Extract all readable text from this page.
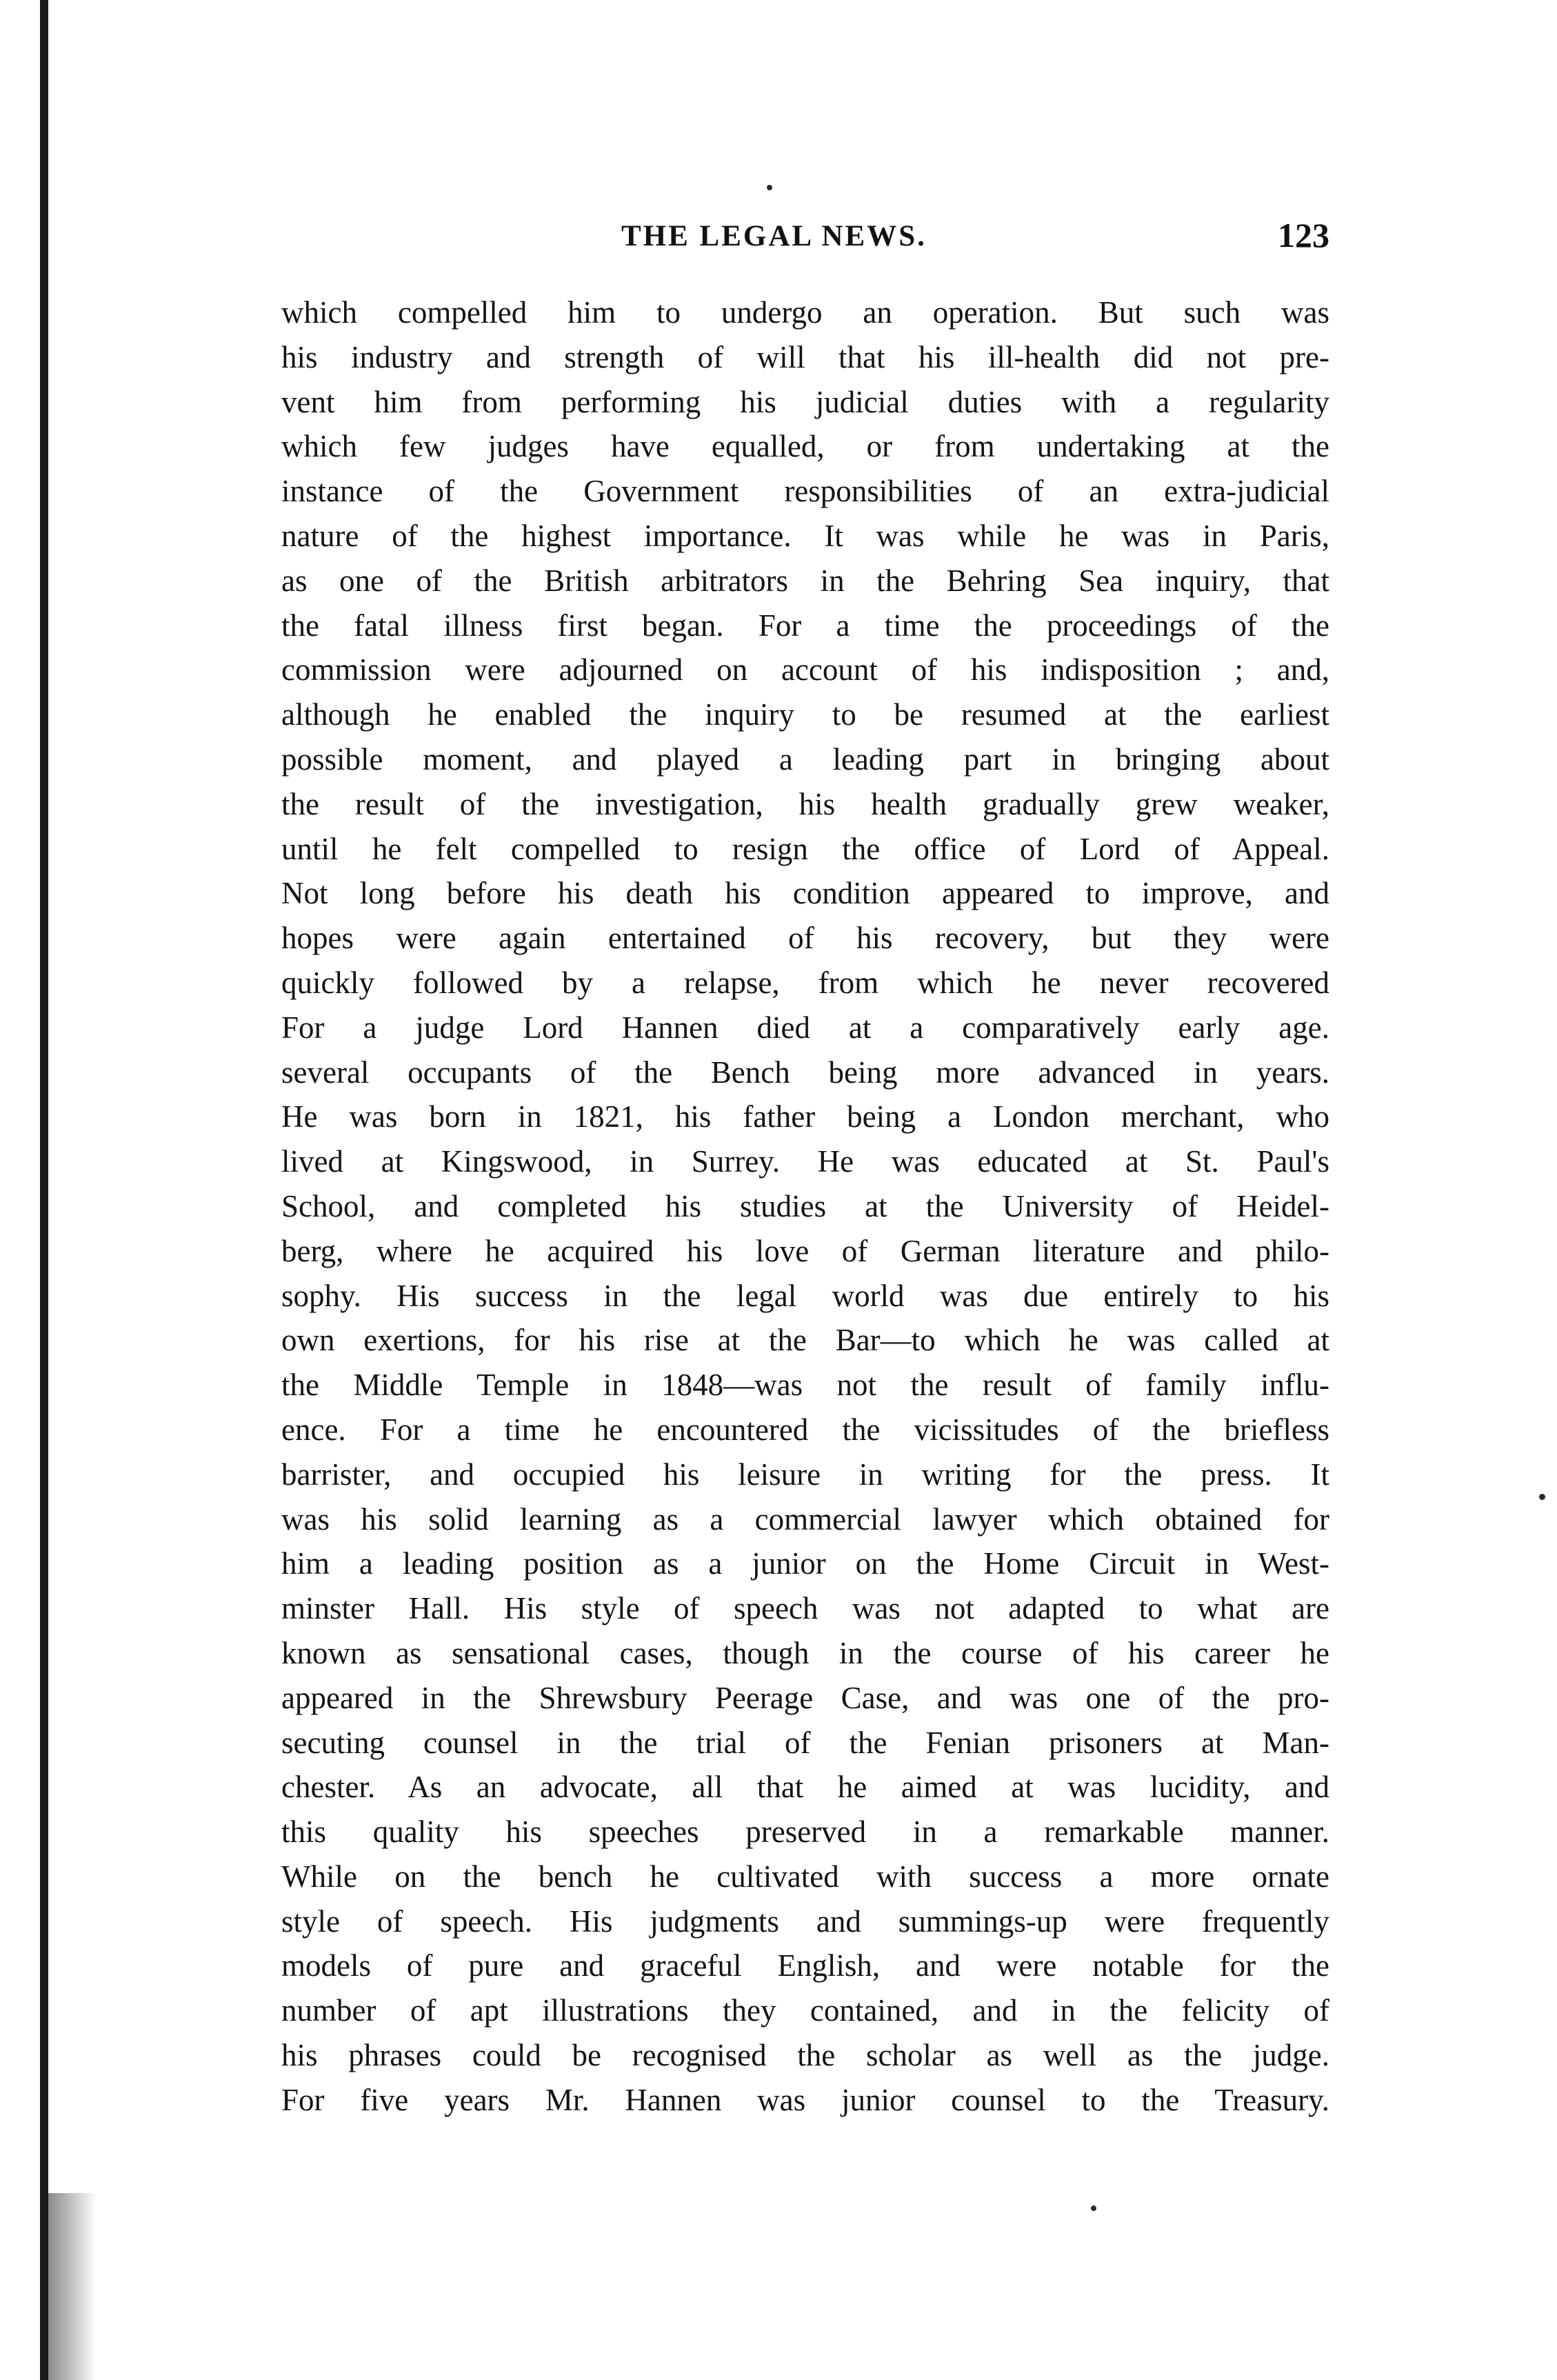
THE LEGAL NEWS.	123
which compelled him to undergo an operation. But such was
his industry and strength of will that his ill-health did not pre-
vent him from performing his judicial duties with a regularity
which few judges have equalled, or from undertaking at the
instance of the Government responsibilities of an extra-judicial
nature of the highest importance. It was while he was in Paris,
as one of the British arbitrators in the Behring Sea inquiry, that
the fatal illness first began. For a time the proceedings of the
commission were adjourned on account of his indisposition ; and,
although he enabled the inquiry to be resumed at the earliest
possible moment, and played a leading part in bringing about
the result of the investigation, his health gradually grew weaker,
until he felt compelled to resign the office of Lord of Appeal.
Not long before his death his condition appeared to improve, and
hopes were again entertained of his recovery, but they were
quickly followed by a relapse, from which he never recovered
For a judge Lord Hannen died at a comparatively early age.
several occupants of the Bench being more advanced in years.
He was born in 1821, his father being a London merchant, who
lived at Kingswood, in Surrey. He was educated at St. Paul's
School, and completed his studies at the University of Heidel-
berg, where he acquired his love of German literature and philo-
sophy. His success in the legal world was due entirely to his
own exertions, for his rise at the Bar—to which he was called at
the Middle Temple in 1848—was not the result of family influ-
ence. For a time he encountered the vicissitudes of the briefless
barrister, and occupied his leisure in writing for the press. It
was his solid learning as a commercial lawyer which obtained for
him a leading position as a junior on the Home Circuit in West-
minster Hall. His style of speech was not adapted to what are
known as sensational cases, though in the course of his career he
appeared in the Shrewsbury Peerage Case, and was one of the pro-
secuting counsel in the trial of the Fenian prisoners at Man-
chester. As an advocate, all that he aimed at was lucidity, and
this quality his speeches preserved in a remarkable manner.
While on the bench he cultivated with success a more ornate
style of speech. His judgments and summings-up were frequently
models of pure and graceful English, and were notable for the
number of apt illustrations they contained, and in the felicity of
his phrases could be recognised the scholar as well as the judge.
For five years Mr. Hannen was junior counsel to the Treasury.
